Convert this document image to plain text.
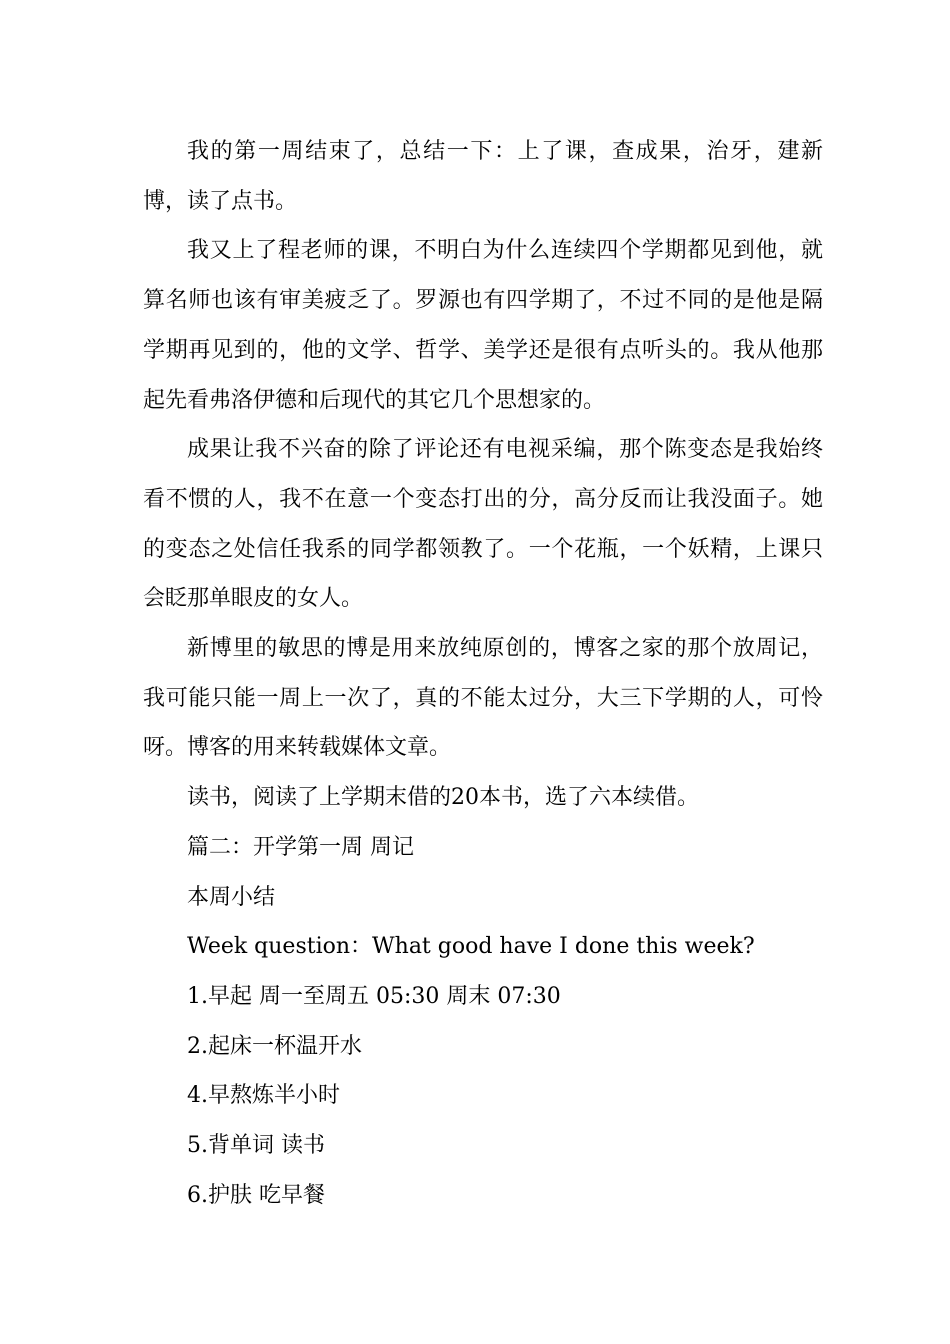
我的第一周结束了，总结一下：上了课，查成果，治牙，建新博，读了点书。

我又上了程老师的课，不明白为什么连续四个学期都见到他，就算名师也该有审美疲乏了。罗源也有四学期了，不过不同的是他是隔学期再见到的，他的文学、哲学、美学还是很有点听头的。我从他那起先看弗洛伊德和后现代的其它几个思想家的。

成果让我不兴奋的除了评论还有电视采编，那个陈变态是我始终看不惯的人，我不在意一个变态打出的分，高分反而让我没面子。她的变态之处信任我系的同学都领教了。一个花瓶，一个妖精，上课只会眨那单眼皮的女人。

新博里的敏思的博是用来放纯原创的，博客之家的那个放周记，我可能只能一周上一次了，真的不能太过分，大三下学期的人，可怜呀。博客的用来转载媒体文章。

读书，阅读了上学期末借的20本书，选了六本续借。

篇二：开学第一周 周记

本周小结

Week question：What good have I done this week?

1.早起 周一至周五 05:30 周末 07:30

2.起床一杯温开水

4.早熬炼半小时

5.背单词 读书

6.护肤 吃早餐
